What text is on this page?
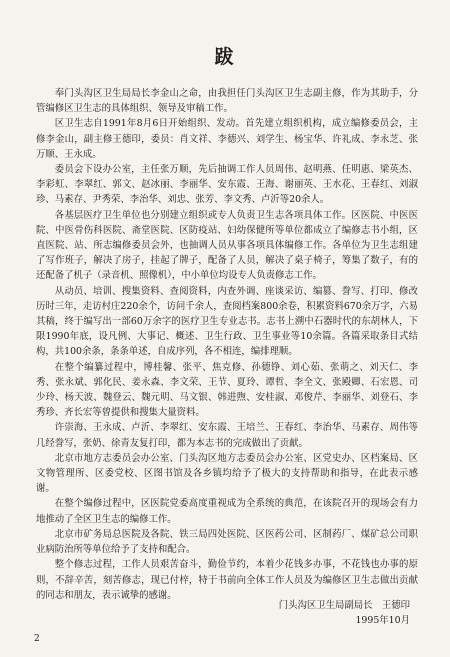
跋

奉门头沟区卫生局局长李金山之命，由我担任门头沟区卫生志副主修，作为其助手，分管编修区卫生志的具体组织、领导及审稿工作。

区卫生志自1991年8月6日开始组织、发动。首先建立组织机构，成立编修委员会，主修李金山，副主修王德印，委员：肖文祥、李德兴、刘学生、杨宝华、许礼成、李永芝、张万顺、王永成。

委员会下设办公室，主任张万顺，先后抽调工作人员周伟、赵明燕、任明惠、梁英杰、李彩虹、李翠红、郭文、赵冰丽、李丽华、安东霞、王海、谢丽英、王水花、王春红、刘淑珍、马素存、尹秀荣、李治华、刘忠、张芳、李文秀、卢沂等20余人。

各基层医疗卫生单位也分别建立组织或专人负责卫生志各项具体工作。区医院、中医医院、中医骨伤科医院、斋堂医院、区防疫站、妇幼保健所等单位都成立了编修志书小组，区直医院、站、所志编修委员会外，也抽调人员从事各项具体编修工作。各单位为卫生志组建了写作班子，解决了房子，挂起了牌子，配备了人员，解决了桌子椅子，筹集了数子，有的还配备了机子（录音机、照像机），中小单位均设专人负责修志工作。

从动员、培训、搜集资料、查阅资料，内查外调、座谈采访、编篡、誊写、打印、修改历时三年，走访村庄220余个，访问千余人，查阅档案800余卷，积累资料670余万字，六易其稿，终于编写出一部60万余字的医疗卫生专业志书。志书上溯中石器时代的东胡林人，下限1990年底，设凡例、大事记、概述、卫生行政、卫生事业等10余篇。各篇采取条目式结构，共100余条，条条单述，自成序列，各不相连，编排理顺。

在整个编纂过程中，博桂馨、张平、焦克修、孙德铮、刘心茹、张萌之、刘天仁、李秀、张永斌、郭化民、姜永森、李文荣、王节、夏玲、谭哲、李全文、张殿卿、石宏恩、司少玲、杨天波、魏登云、魏元明、马文银、韩进煦、安桂淑、邓俊芹、李丽华、刘登石、李秀珍、齐长宏等曾提供和搜集大量资料。

许崇海、王永成、卢沂、李翠红、安东霞、王培兰、王春红、李治华、马素存、周伟等几经誊写，张奶、徐青友复打印，都为本志书的完成做出了贡献。

北京市地方志委员会办公室、门头沟区地方志委员会办公室、区党史办、区档案局、区文物管理所、区委党校、区图书馆及各乡镇均给予了极大的支持帮助和指导，在此表示感谢。

在整个编修过程中，区医院党委高度重视成为全系统的典范，在该院召开的现场会有力地推动了全区卫生志的编修工作。

北京市矿务局总医院及各院、铁三局四处医院、区医药公司、区制药厂、煤矿总公司职业病防治所等单位给予了支持和配合。

整个修志过程，工作人员艰苦奋斗，勤俭节约，本着少花钱多办事，不花钱也办事的原则，不辞辛苦，刻苦修志，现已付梓，特于书前向全体工作人员及为编修区卫生志做出贡献的同志和朋友，表示诚挚的感谢。

门头沟区卫生局副局长　王德印
1995年10月
2
